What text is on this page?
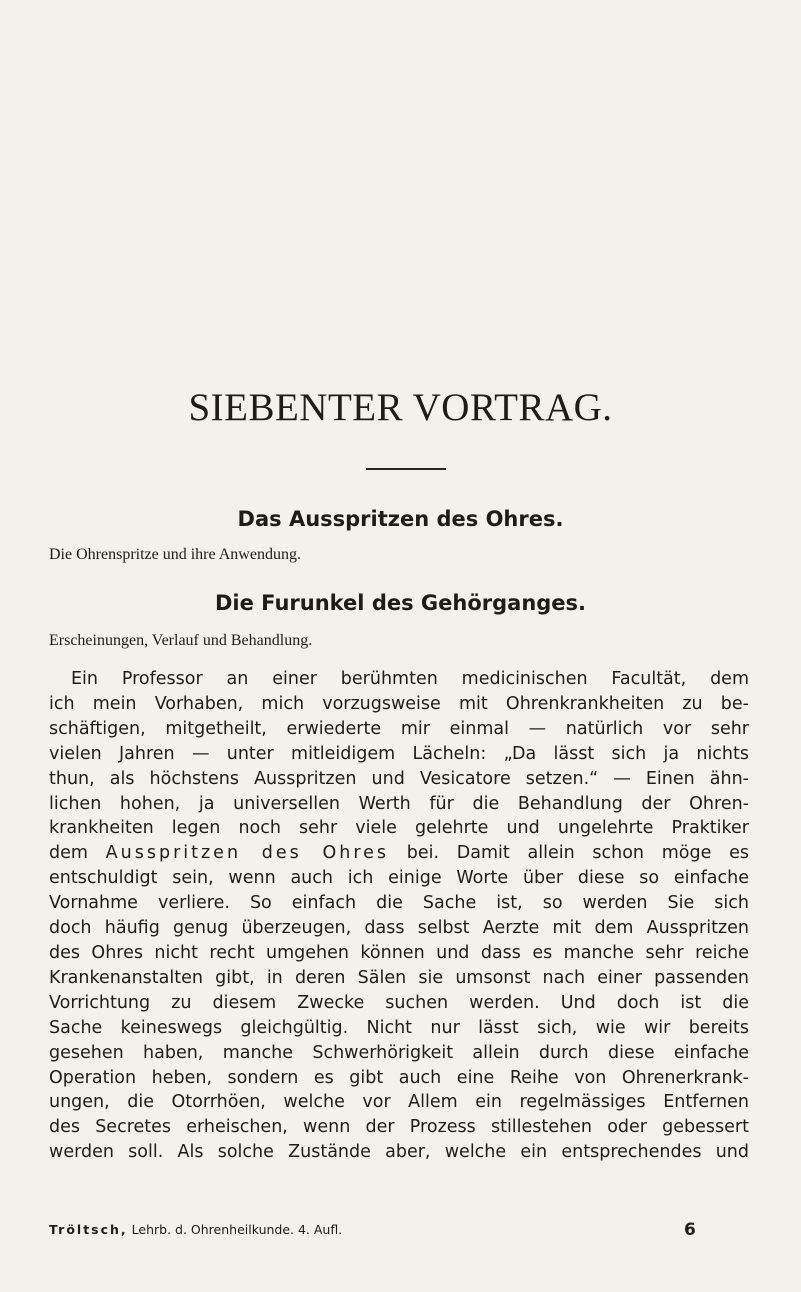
SIEBENTER VORTRAG.
Das Ausspritzen des Ohres.

Die Ohrenspritze und ihre Anwendung.

Die Furunkel des Gehörganges.

Erscheinungen, Verlauf und Behandlung.

Ein Professor an einer berühmten medicinischen Facultät, dem
ich mein Vorhaben, mich vorzugsweise mit Ohrenkrankheiten zu be-
schäftigen, mitgetheilt, erwiederte mir einmal — natürlich vor sehr
vielen Jahren — unter mitleidigem Lächeln: „Da lässt sich ja nichts
thun, als höchstens Ausspritzen und Vesicatore setzen.“ — Einen ähn-
lichen hohen, ja universellen Werth für die Behandlung der Ohren-
krankheiten legen noch sehr viele gelehrte und ungelehrte Praktiker
dem Ausspritzen des Ohres bei. Damit allein schon möge es
entschuldigt sein, wenn auch ich einige Worte über diese so einfache
Vornahme verliere. So einfach die Sache ist, so werden Sie sich
doch häufig genug überzeugen, dass selbst Aerzte mit dem Ausspritzen
des Ohres nicht recht umgehen können und dass es manche sehr reiche
Krankenanstalten gibt, in deren Sälen sie umsonst nach einer passenden
Vorrichtung zu diesem Zwecke suchen werden. Und doch ist die
Sache keineswegs gleichgültig. Nicht nur lässt sich, wie wir bereits
gesehen haben, manche Schwerhörigkeit allein durch diese einfache
Operation heben, sondern es gibt auch eine Reihe von Ohrenerkrank-
ungen, die Otorrhöen, welche vor Allem ein regelmässiges Entfernen
des Secretes erheischen, wenn der Prozess stillestehen oder gebessert
werden soll. Als solche Zustände aber, welche ein entsprechendes und
Tröltsch, Lehrb. d. Ohrenheilkunde. 4. Aufl.	6
